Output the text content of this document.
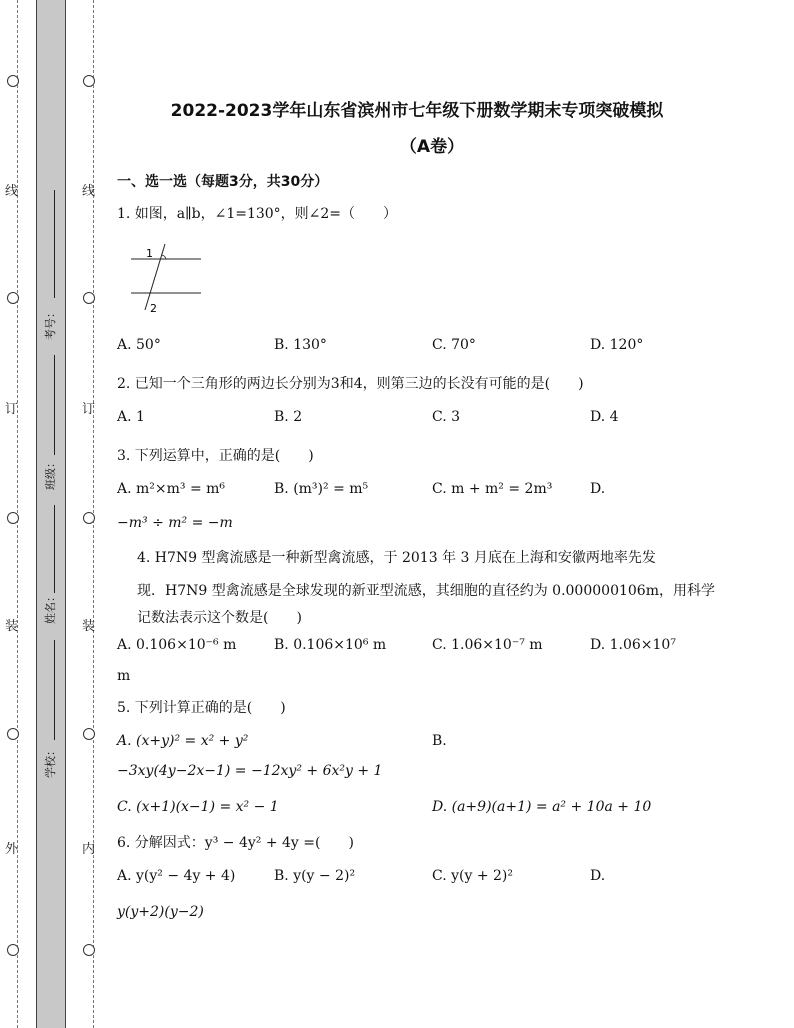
线
订
装
外
线
订
装
内
考号：
班级：
姓名：
学校：
2022-2023学年山东省滨州市七年级下册数学期末专项突破模拟
（A卷）
一、选一选（每题3分，共30分）
1. 如图，a∥b，∠1=130°，则∠2=（　　）
1
2
A. 50°	B. 130°	C. 70°	D. 120°
2. 已知一个三角形的两边长分别为3和4，则第三边的长没有可能的是(　　)
A. 1	B. 2	C. 3	D. 4
3. 下列运算中，正确的是(　　)
A. m²×m³ = m⁶	B. (m³)² = m⁵	C. m + m² = 2m³	D.
−m³ ÷ m² = −m
4. H7N9 型禽流感是一种新型禽流感，于 2013 年 3 月底在上海和安徽两地率先发
现．H7N9 型禽流感是全球发现的新亚型流感，其细胞的直径约为 0.000000106m，用科学
记数法表示这个数是(　　)
A. 0.106×10⁻⁶ m	B. 0.106×10⁶ m	C. 1.06×10⁻⁷ m	D. 1.06×10⁷
m
5. 下列计算正确的是(　　)
A. (x+y)² = x² + y²	B.
−3xy(4y−2x−1) = −12xy² + 6x²y + 1
C. (x+1)(x−1) = x² − 1	D. (a+9)(a+1) = a² + 10a + 10
6. 分解因式：y³ − 4y² + 4y =(　　)
A. y(y² − 4y + 4)	B. y(y − 2)²	C. y(y + 2)²	D.
y(y+2)(y−2)
